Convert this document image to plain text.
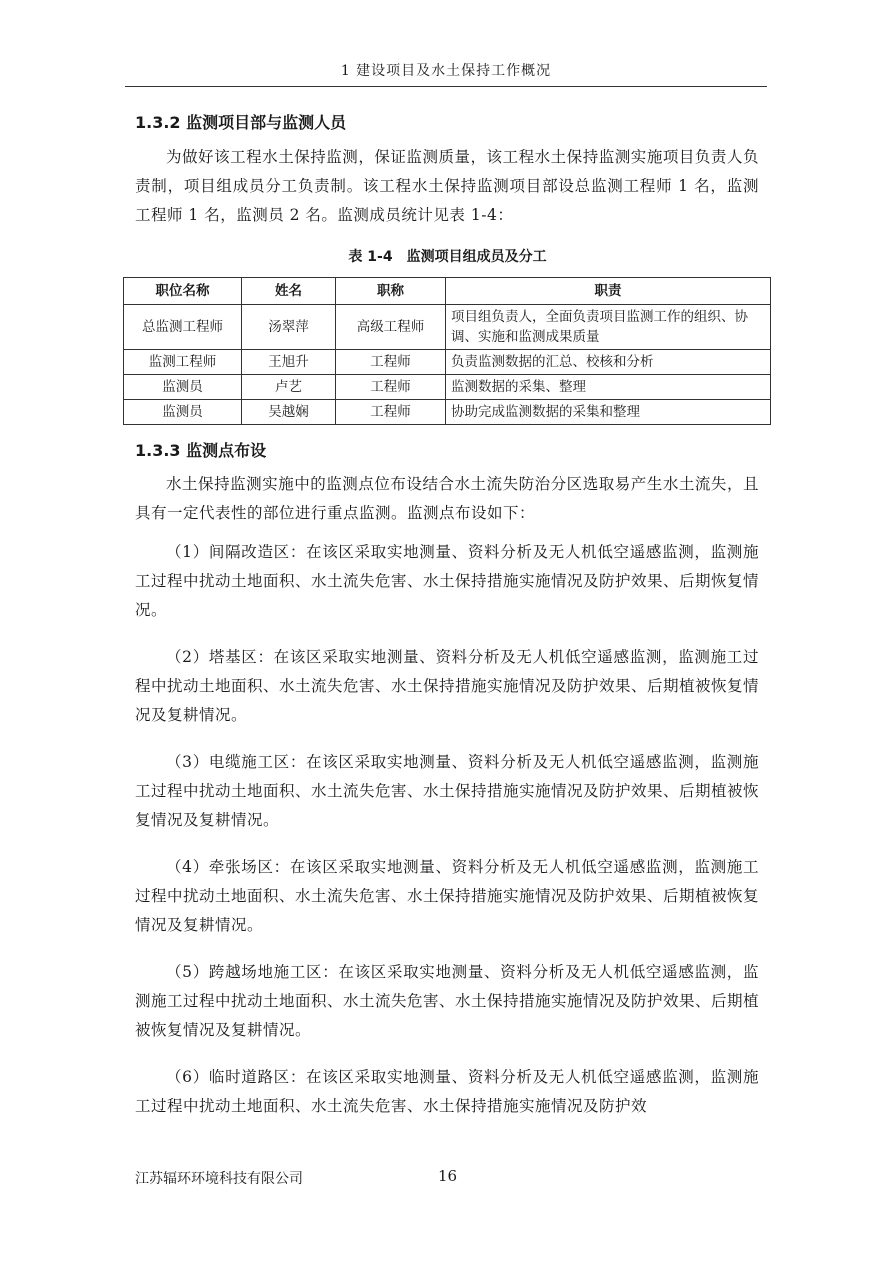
1 建设项目及水土保持工作概况
1.3.2 监测项目部与监测人员

为做好该工程水土保持监测，保证监测质量，该工程水土保持监测实施项目负责人负责制，项目组成员分工负责制。该工程水土保持监测项目部设总监测工程师 1 名，监测工程师 1 名，监测员 2 名。监测成员统计见表 1-4：

表 1-4　监测项目组成员及分工
职位名称	姓名	职称	职责
总监测工程师	汤翠萍	高级工程师	项目组负责人，全面负责项目监测工作的组织、协调、实施和监测成果质量
监测工程师	王旭升	工程师	负责监测数据的汇总、校核和分析
监测员	卢艺	工程师	监测数据的采集、整理
监测员	吴越娴	工程师	协助完成监测数据的采集和整理
1.3.3 监测点布设

水土保持监测实施中的监测点位布设结合水土流失防治分区选取易产生水土流失，且具有一定代表性的部位进行重点监测。监测点布设如下：

（1）间隔改造区：在该区采取实地测量、资料分析及无人机低空遥感监测，监测施工过程中扰动土地面积、水土流失危害、水土保持措施实施情况及防护效果、后期恢复情况。

（2）塔基区：在该区采取实地测量、资料分析及无人机低空遥感监测，监测施工过程中扰动土地面积、水土流失危害、水土保持措施实施情况及防护效果、后期植被恢复情况及复耕情况。

（3）电缆施工区：在该区采取实地测量、资料分析及无人机低空遥感监测，监测施工过程中扰动土地面积、水土流失危害、水土保持措施实施情况及防护效果、后期植被恢复情况及复耕情况。

（4）牵张场区：在该区采取实地测量、资料分析及无人机低空遥感监测，监测施工过程中扰动土地面积、水土流失危害、水土保持措施实施情况及防护效果、后期植被恢复情况及复耕情况。

（5）跨越场地施工区：在该区采取实地测量、资料分析及无人机低空遥感监测，监测施工过程中扰动土地面积、水土流失危害、水土保持措施实施情况及防护效果、后期植被恢复情况及复耕情况。

（6）临时道路区：在该区采取实地测量、资料分析及无人机低空遥感监测，监测施工过程中扰动土地面积、水土流失危害、水土保持措施实施情况及防护效

江苏辐环环境科技有限公司	16
